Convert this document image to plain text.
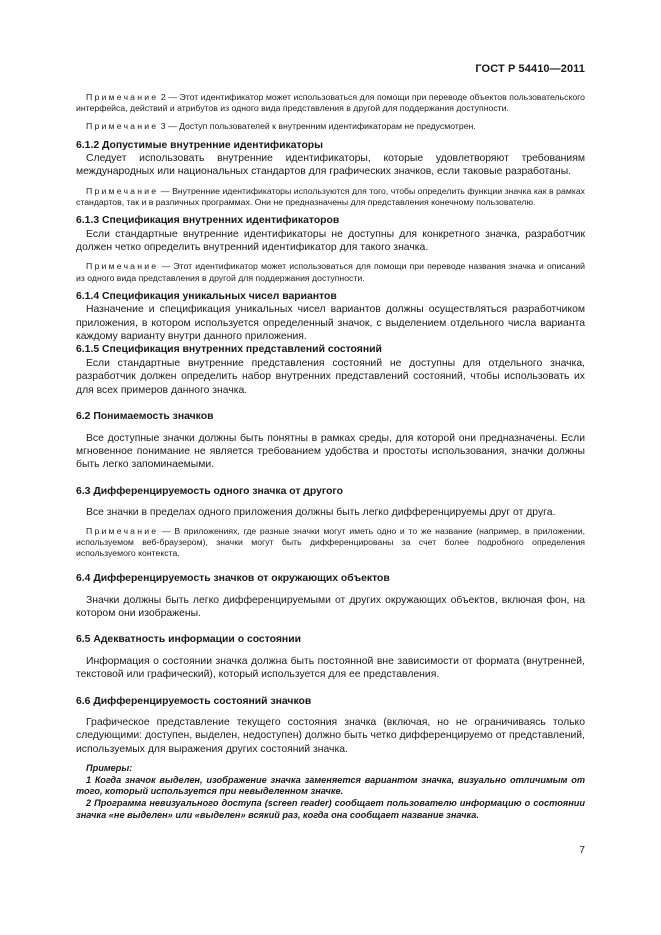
ГОСТ Р 54410—2011

Примечание 2 — Этот идентификатор может использоваться для помощи при переводе объектов пользовательского интерфейса, действий и атрибутов из одного вида представления в другой для поддержания доступности.

Примечание 3 — Доступ пользователей к внутренним идентификаторам не предусмотрен.

6.1.2 Допустимые внутренние идентификаторы

Следует использовать внутренние идентификаторы, которые удовлетворяют требованиям международных или национальных стандартов для графических значков, если таковые разработаны.

Примечание — Внутренние идентификаторы используются для того, чтобы определить функции значка как в рамках стандартов, так и в различных программах. Они не предназначены для представления конечному пользователю.

6.1.3 Спецификация внутренних идентификаторов

Если стандартные внутренние идентификаторы не доступны для конкретного значка, разработчик должен четко определить внутренний идентификатор для такого значка.

Примечание — Этот идентификатор может использоваться для помощи при переводе названия значка и описаний из одного вида представления в другой для поддержания доступности.

6.1.4 Спецификация уникальных чисел вариантов

Назначение и спецификация уникальных чисел вариантов должны осуществляться разработчиком приложения, в котором используется определенный значок, с выделением отдельного числа варианта каждому варианту внутри данного приложения.

6.1.5 Спецификация внутренних представлений состояний

Если стандартные внутренние представления состояний не доступны для отдельного значка, разработчик должен определить набор внутренних представлений состояний, чтобы использовать их для всех примеров данного значка.

6.2 Понимаемость значков

Все доступные значки должны быть понятны в рамках среды, для которой они предназначены. Если мгновенное понимание не является требованием удобства и простоты использования, значки должны быть легко запоминаемыми.

6.3 Дифференцируемость одного значка от другого

Все значки в пределах одного приложения должны быть легко дифференцируемы друг от друга.

Примечание — В приложениях, где разные значки могут иметь одно и то же название (например, в приложении, используемом веб-браузером), значки могут быть дифференцированы за счет более подробного определения используемого контекста.

6.4 Дифференцируемость значков от окружающих объектов

Значки должны быть легко дифференцируемыми от других окружающих объектов, включая фон, на котором они изображены.

6.5 Адекватность информации о состоянии

Информация о состоянии значка должна быть постоянной вне зависимости от формата (внутренней, текстовой или графический), который используется для ее представления.

6.6 Дифференцируемость состояний значков

Графическое представление текущего состояния значка (включая, но не ограничиваясь только следующими: доступен, выделен, недоступен) должно быть четко дифференцируемо от представлений, используемых для выражения других состояний значка.

Примеры:

1 Когда значок выделен, изображение значка заменяется вариантом значка, визуально отличимым от того, который используется при невыделенном значке.

2 Программа невизуального доступа (screen reader) сообщает пользователю информацию о состоянии значка «не выделен» или «выделен» всякий раз, когда она сообщает название значка.

7
